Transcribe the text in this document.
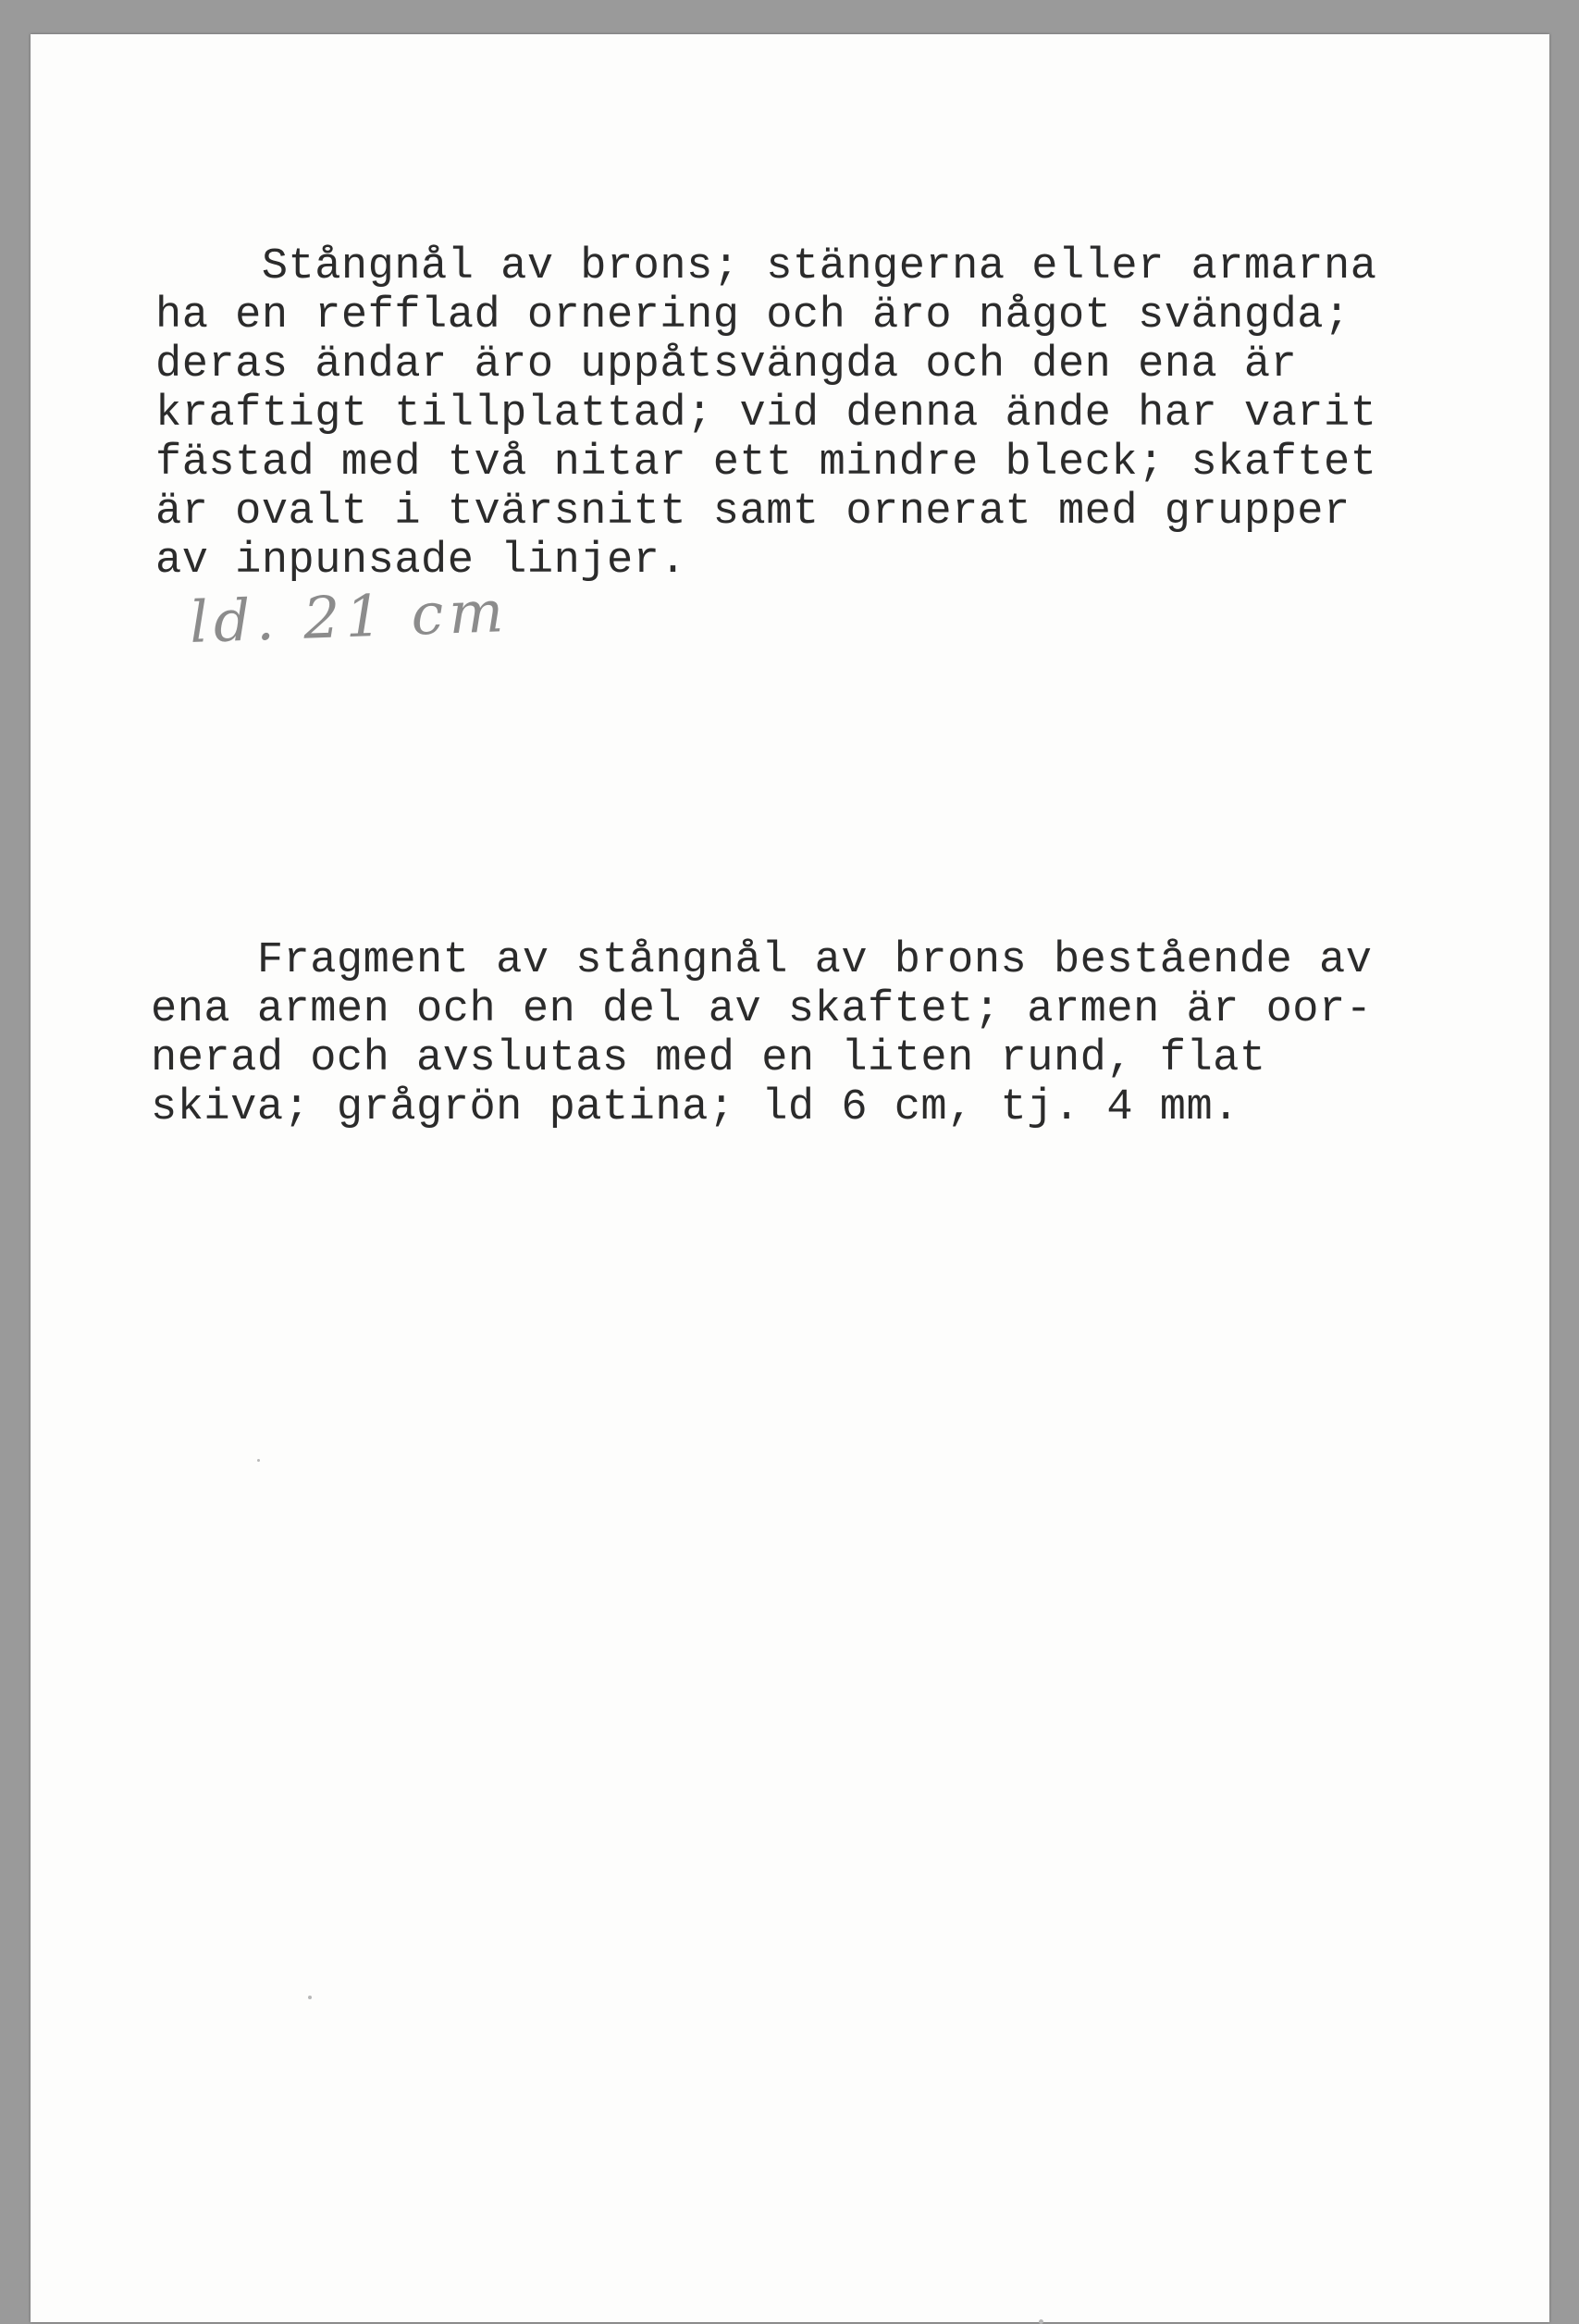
Stångnål av brons; stängerna eller armarna
ha en refflad ornering och äro något svängda;
deras ändar äro uppåtsvängda och den ena är
kraftigt tillplattad; vid denna ände har varit
fästad med två nitar ett mindre bleck; skaftet
är ovalt i tvärsnitt samt ornerat med grupper
av inpunsade linjer.
ld. 21 cm
Fragment av stångnål av brons bestående av
ena armen och en del av skaftet; armen är oor-
nerad och avslutas med en liten rund, flat
skiva; grågrön patina; ld 6 cm, tj. 4 mm.
